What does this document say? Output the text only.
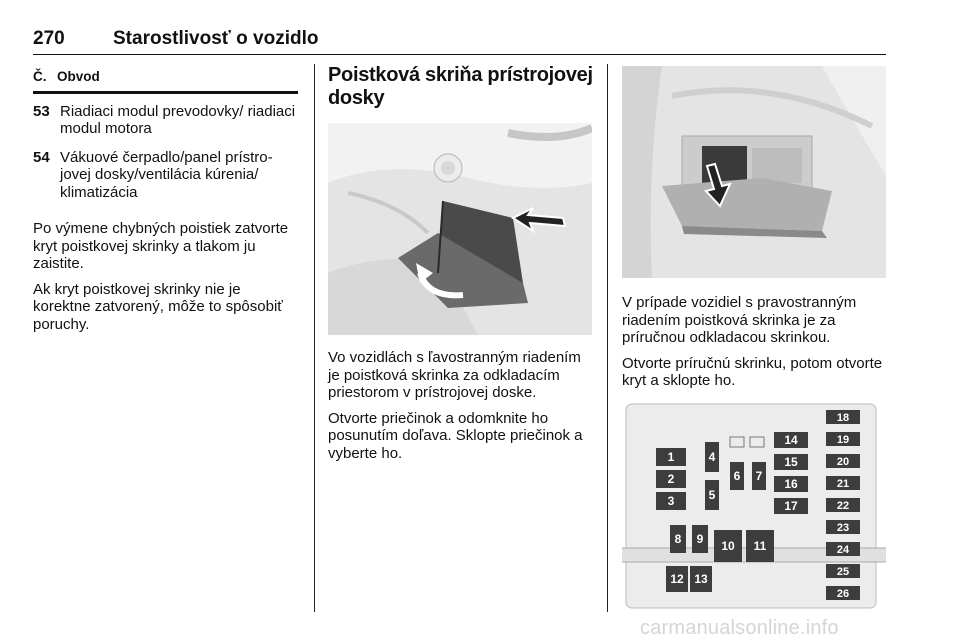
270	Starostlivosť o vozidlo
Č. Obvod
53 Riadiaci modul prevodovky/ riadiaci modul motora
54 Vákuové čerpadlo/panel prístro-jovej dosky/ventilácia kúrenia/ klimatizácia

Po výmene chybných poistiek zatvorte kryt poistkovej skrinky a tlakom ju zaistite.

Ak kryt poistkovej skrinky nie je korektne zatvorený, môže to spôsobiť poruchy.

Poistková skriňa prístrojovej dosky

Vo vozidlách s ľavostranným riadením je poistková skrinka za odkladacím priestorom v prístrojovej doske.

Otvorte priečinok a odomknite ho posunutím doľava. Sklopte priečinok a vyberte ho.

V prípade vozidiel s pravostranným riadením poistková skrinka je za príručnou odkladacou skrinkou.

Otvorte príručnú skrinku, potom otvorte kryt a sklopte ho.

1
2
3
4
5
6 7
8 9 10 11
12 13
14
15
16
17
18
19
20
21
22
23
24
25
26
carmanualsonline.info
